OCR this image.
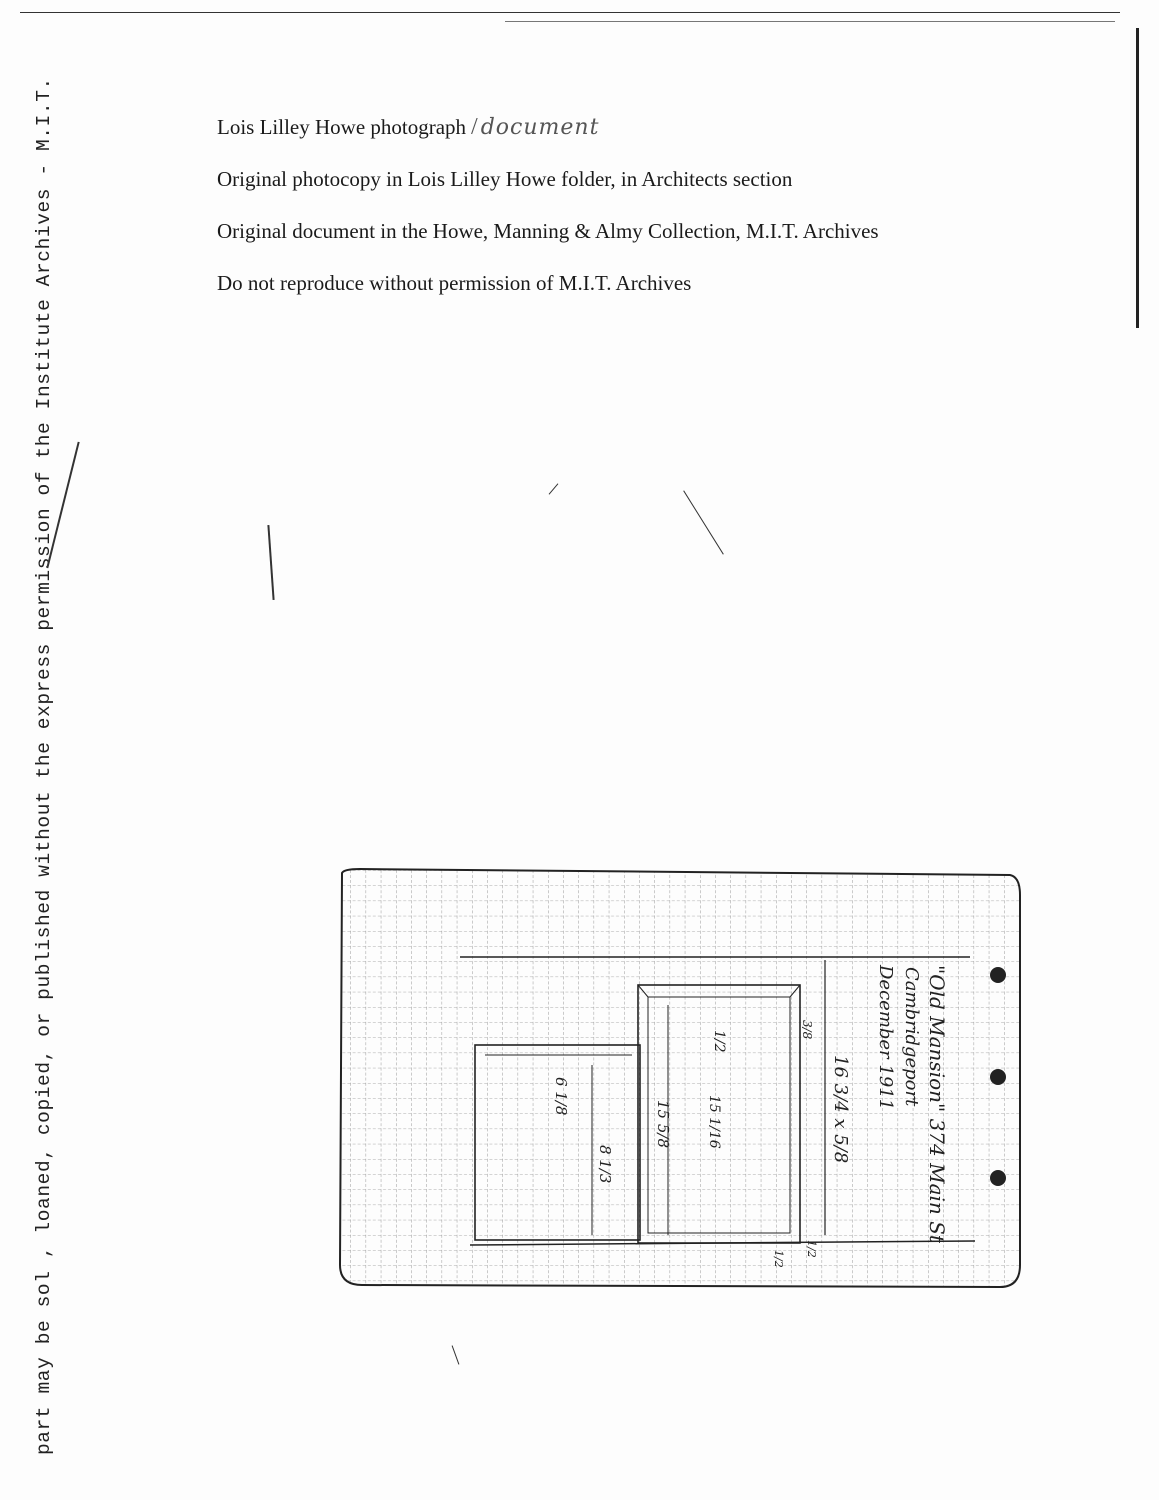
part may be sol , loaned, copied, or published without the express permission of the Institute Archives - M.I.T.	Lois Lilley Howe photograph / document
Original photocopy in Lois Lilley Howe folder, in Architects section
Original document in the Howe, Manning & Almy Collection, M.I.T. Archives
Do not reproduce without permission of M.I.T. Archives
"Old Mansion" 374 Main St
Cambridgeport
December 1911
16 3/4 x 5/8
15 5/8 15 1/16
1/2
6 1/8
8 1/3
3/8
1/2
1/2
